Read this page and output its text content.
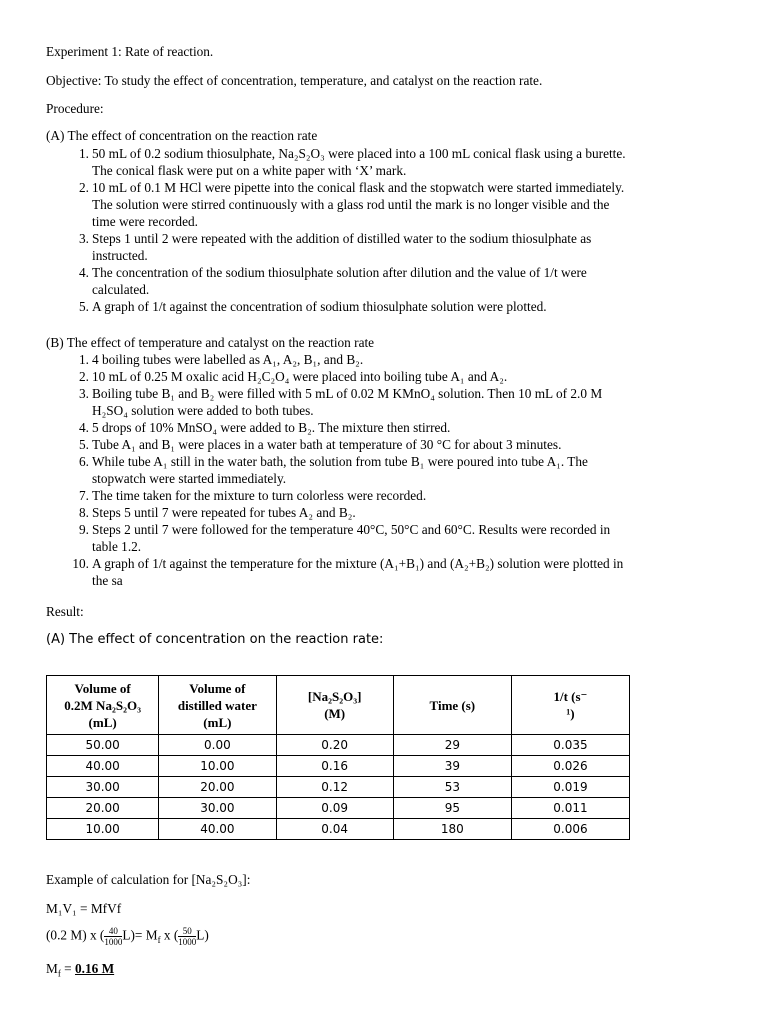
Experiment 1: Rate of reaction.

Objective: To study the effect of concentration, temperature, and catalyst on the reaction rate.

Procedure:

(A) The effect of concentration on the reaction rate

1. 50 mL of 0.2 sodium thiosulphate, Na₂S₂O₃ were placed into a 100 mL conical flask using a burette.
The conical flask were put on a white paper with ‘X’ mark.
2. 10 mL of 0.1 M HCl were pipette into the conical flask and the stopwatch were started immediately.
The solution were stirred continuously with a glass rod until the mark is no longer visible and the
time were recorded.
3. Steps 1 until 2 were repeated with the addition of distilled water to the sodium thiosulphate as
instructed.
4. The concentration of the sodium thiosulphate solution after dilution and the value of 1/t were
calculated.
5. A graph of 1/t against the concentration of sodium thiosulphate solution were plotted.

(B) The effect of temperature and catalyst on the reaction rate

1. 4 boiling tubes were labelled as A₁, A₂, B₁, and B₂.
2. 10 mL of 0.25 M oxalic acid H₂C₂O₄ were placed into boiling tube A₁ and A₂.
3. Boiling tube B₁ and B₂ were filled with 5 mL of 0.02 M KMnO₄ solution. Then 10 mL of 2.0 M
H₂SO₄ solution were added to both tubes.
4. 5 drops of 10% MnSO₄ were added to B₂. The mixture then stirred.
5. Tube A₁ and B₁ were places in a water bath at temperature of 30 °C for about 3 minutes.
6. While tube A₁ still in the water bath, the solution from tube B₁ were poured into tube A₁. The
stopwatch were started immediately.
7. The time taken for the mixture to turn colorless were recorded.
8. Steps 5 until 7 were repeated for tubes A₂ and B₂.
9. Steps 2 until 7 were followed for the temperature 40°C, 50°C and 60°C. Results were recorded in
table 1.2.
10. A graph of 1/t against the temperature for the mixture (A₁+B₁) and (A₂+B₂) solution were plotted in
the sa

Result:

(A) The effect of concentration on the reaction rate:

Volume of
0.2M Na₂S₂O₃
(mL)	Volume of
distilled water
(mL)	[Na₂S₂O₃]
(M)	Time (s)	1/t (s⁻
¹)
50.00	0.00	0.20	29	0.035
40.00	10.00	0.16	39	0.026
30.00	20.00	0.12	53	0.019
20.00	30.00	0.09	95	0.011
10.00	40.00	0.04	180	0.006

Example of calculation for [Na₂S₂O₃]:

M₁V₁ = MfVf

(0.2 M) x ( $\frac{40}{1000} L)= M_f$ x ( $\frac{50}{1000} L$)

$M_f = 0.16$ M
